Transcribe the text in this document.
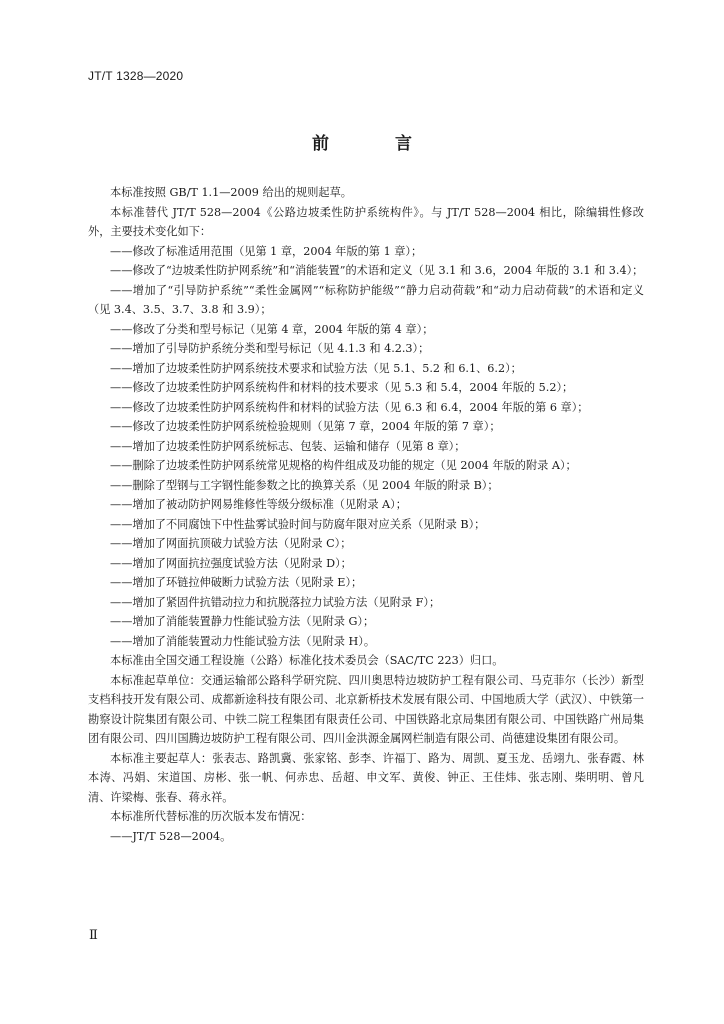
JT/T 1328—2020
前 言

本标准按照 GB/T 1.1—2009 给出的规则起草。

本标准替代 JT/T 528—2004《公路边坡柔性防护系统构件》。与 JT/T 528—2004 相比，除编辑性修改外，主要技术变化如下：

——修改了标准适用范围（见第 1 章，2004 年版的第 1 章）；

——修改了“边坡柔性防护网系统”和“消能装置”的术语和定义（见 3.1 和 3.6，2004 年版的 3.1 和 3.4）；

——增加了“引导防护系统”“柔性金属网”“标称防护能级”“静力启动荷载”和“动力启动荷载”的术语和定义（见 3.4、3.5、3.7、3.8 和 3.9）；

——修改了分类和型号标记（见第 4 章，2004 年版的第 4 章）；

——增加了引导防护系统分类和型号标记（见 4.1.3 和 4.2.3）；

——增加了边坡柔性防护网系统技术要求和试验方法（见 5.1、5.2 和 6.1、6.2）；

——修改了边坡柔性防护网系统构件和材料的技术要求（见 5.3 和 5.4，2004 年版的 5.2）；

——修改了边坡柔性防护网系统构件和材料的试验方法（见 6.3 和 6.4，2004 年版的第 6 章）；

——修改了边坡柔性防护网系统检验规则（见第 7 章，2004 年版的第 7 章）；

——增加了边坡柔性防护网系统标志、包装、运输和储存（见第 8 章）；

——删除了边坡柔性防护网系统常见规格的构件组成及功能的规定（见 2004 年版的附录 A）；

——删除了型钢与工字钢性能参数之比的换算关系（见 2004 年版的附录 B）；

——增加了被动防护网易维修性等级分级标准（见附录 A）；

——增加了不同腐蚀下中性盐雾试验时间与防腐年限对应关系（见附录 B）；

——增加了网面抗顶破力试验方法（见附录 C）；

——增加了网面抗拉强度试验方法（见附录 D）；

——增加了环链拉伸破断力试验方法（见附录 E）；

——增加了紧固件抗错动拉力和抗脱落拉力试验方法（见附录 F）；

——增加了消能装置静力性能试验方法（见附录 G）；

——增加了消能装置动力性能试验方法（见附录 H）。

本标准由全国交通工程设施（公路）标准化技术委员会（SAC/TC 223）归口。

本标准起草单位：交通运输部公路科学研究院、四川奥思特边坡防护工程有限公司、马克菲尔（长沙）新型支档科技开发有限公司、成都新途科技有限公司、北京新桥技术发展有限公司、中国地质大学（武汉）、中铁第一勘察设计院集团有限公司、中铁二院工程集团有限责任公司、中国铁路北京局集团有限公司、中国铁路广州局集团有限公司、四川国腾边坡防护工程有限公司、四川金洪源金属网栏制造有限公司、尚德建设集团有限公司。

本标准主要起草人：张表志、路凯冀、张家铭、彭李、许福丁、路为、周凯、夏玉龙、岳翊九、张春霞、林本涛、冯娟、宋道国、房彬、张一帆、何赤忠、岳超、申文军、黄俊、钟正、王佳炜、张志刚、柴明明、曾凡清、许梁梅、张春、蒋永祥。

本标准所代替标准的历次版本发布情况：

——JT/T 528—2004。

Ⅱ
